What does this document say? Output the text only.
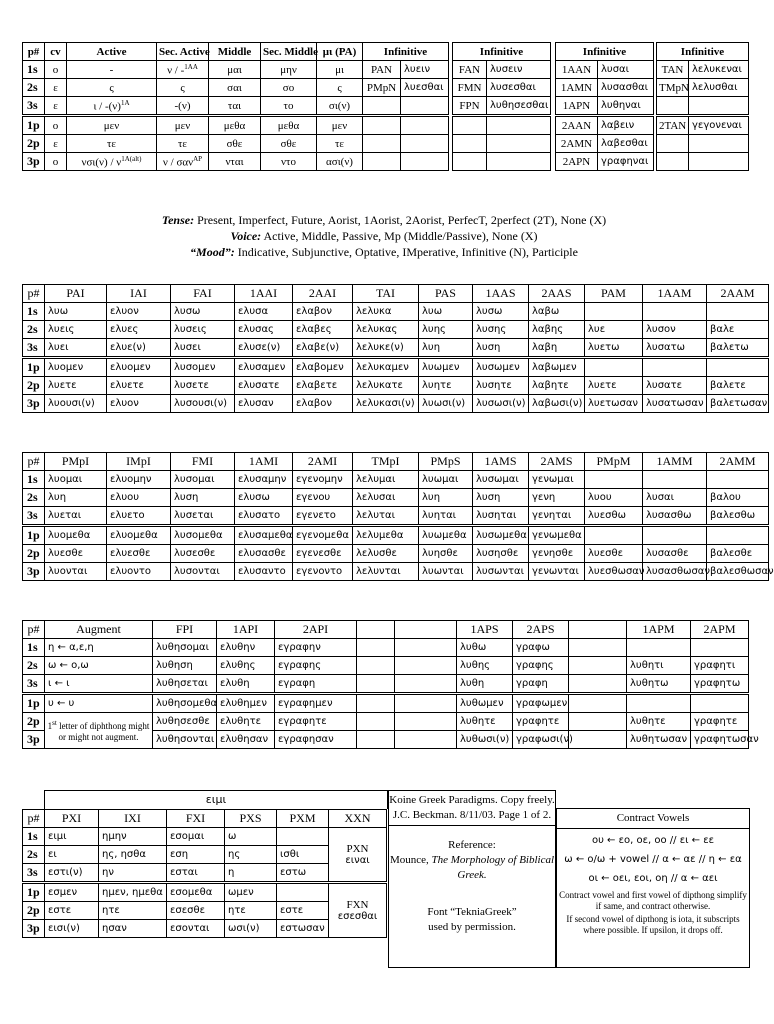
p#	cv	Active	Sec. Active	Middle	Sec. Middle	μι (PA)
1s	ο	-	ν / -$^{1AA}$	μαι	μην	μι
2s	ε	ς	ς	σαι	σο	ς
3s	ε	ι / $-(\nu)^{1A}$	-(ν)	ται	το	σι(ν)
1p	ο	μεν	μεν	μεθα	μεθα	μεν
2p	ε	τε	τε	σθε	σθε	τε
3p	ο	$\nu\sigma\iota(\nu) / \nu^{1A(alt)}$	ν / σαν$^{AP}$	νται	ντο	ασι(ν)
Infinitive	
PAN	λυειν
PMpN	λυεσθαι

Infinitive	
FAN	λυσειν
FMN	λυσεσθαι
FPN	λυθησεσθαι

Infinitive	
1AAN	λυσαι
1AMN	λυσασθαι
1APN	λυθηναι
2AAN	λαβειν
2AMN	λαβεσθαι
2APN	γραφηναι
Infinitive	
TAN	λελυκεναι
TMpN	λελυσθαι

2TAN	γεγονεναι

Tense: Present, Imperfect, Future, Aorist, 1Aorist, 2Aorist, PerfecT, 2perfect (2T), None (X)
Voice: Active, Middle, Passive, Mp (Middle/Passive), None (X)
“Mood”: Indicative, Subjunctive, Optative, IMperative, Infinitive (N), Participle
p#	PAI	IAI	FAI	1AAI	2AAI	TAI	PAS	1AAS	2AAS	PAM	1AAM	2AAM
1s	λυω	ελυον	λυσω	ελυσα	ελαβον	λελυκα	λυω	λυσω	λαβω			
2s	λυεις	ελυες	λυσεις	ελυσας	ελαβες	λελυκας	λυης	λυσης	λαβης	λυε	λυσον	βαλε
3s	λυει	ελυε(ν)	λυσει	ελυσε(ν)	ελαβε(ν)	λελυκε(ν)	λυη	λυση	λαβη	λυετω	λυσατω	βαλετω
1p	λυομεν	ελυομεν	λυσομεν	ελυσαμεν	ελαβομεν	λελυκαμεν	λυωμεν	λυσωμεν	λαβωμεν			
2p	λυετε	ελυετε	λυσετε	ελυσατε	ελαβετε	λελυκατε	λυητε	λυσητε	λαβητε	λυετε	λυσατε	βαλετε
3p	λυουσι(ν)	ελυον	λυσουσι(ν)	ελυσαν	ελαβον	λελυκασι(ν)	λυωσι(ν)	λυσωσι(ν)	λαβωσι(ν)	λυετωσαν	λυσατωσαν	βαλετωσαν
p#	PMpI	IMpI	FMI	1AMI	2AMI	TMpI	PMpS	1AMS	2AMS	PMpM	1AMM	2AMM
1s	λυομαι	ελυομην	λυσομαι	ελυσαμην	εγενομην	λελυμαι	λυωμαι	λυσωμαι	γενωμαι			
2s	λυη	ελυου	λυση	ελυσω	εγενου	λελυσαι	λυη	λυση	γενη	λυου	λυσαι	βαλου
3s	λυεται	ελυετο	λυσεται	ελυσατο	εγενετο	λελυται	λυηται	λυσηται	γενηται	λυεσθω	λυσασθω	βαλεσθω
1p	λυομεθα	ελυομεθα	λυσομεθα	ελυσαμεθα	εγενομεθα	λελυμεθα	λυωμεθα	λυσωμεθα	γενωμεθα			
2p	λυεσθε	ελυεσθε	λυσεσθε	ελυσασθε	εγενεσθε	λελυσθε	λυησθε	λυσησθε	γενησθε	λυεσθε	λυσασθε	βαλεσθε
3p	λυονται	ελυοντο	λυσονται	ελυσαντο	εγενοντο	λελυνται	λυωνται	λυσωνται	γενωνται	λυεσθωσαν	λυσασθωσαν	βαλεσθωσαν
p#	Augment	FPI	1API	2API			1APS	2APS		1APM	2APM
1s	η ← α,ε,η	λυθησομαι	ελυθην	εγραφην			λυθω	γραφω			
2s	ω ← ο,ω	λυθηση	ελυθης	εγραφης			λυθης	γραφης		λυθητι	γραφητι
3s	ι ← ι	λυθησεται	ελυθη	εγραφη			λυθη	γραφη		λυθητω	γραφητω
1p	υ ← υ	λυθησομεθα	ελυθημεν	εγραφημεν			λυθωμεν	γραφωμεν			
2p	1st letter of diphthong might or might not augment.	λυθησεσθε	ελυθητε	εγραφητε			λυθητε	γραφητε		λυθητε	γραφητε
3p		λυθησονται	ελυθησαν	εγραφησαν			λυθωσι(ν)	γραφωσι(ν)		λυθητωσαν	γραφητωσαν
ειμι
p#	PXI	IXI	FXI	PXS	PXM	XXN
1s	ειμι	ημην	εσομαι	ω		PXN
ειναι

2s	ει	ης, ησθα	εση	ης	ισθι	
3s	εστι(ν)	ην	εσται	η	εστω	
1p	εσμεν	ημεν, ημεθα	εσομεθα	ωμεν		FXN
εσεσθαι

2p	εστε	ητε	εσεσθε	ητε	εστε	
3p	εισι(ν)	ησαν	εσονται	ωσι(ν)	εστωσαν	
Koine Greek Paradigms. Copy freely.
J.C. Beckman. 8/11/03. Page 1 of 2.
Reference:
Mounce, The Morphology of Biblical Greek.
Font “TekniaGreek”
used by permission.
Contract Vowels
ου ← εο, οε, οο // ει ← εε
ω ← ο/ω + vowel // α ← αε // η ← εα
οι ← οει, εοι, οη // α ← αει
Contract vowel and first vowel of dipthong simplify if same, and contract otherwise.
If second vowel of dipthong is iota, it subscripts where possible. If upsilon, it drops off.
